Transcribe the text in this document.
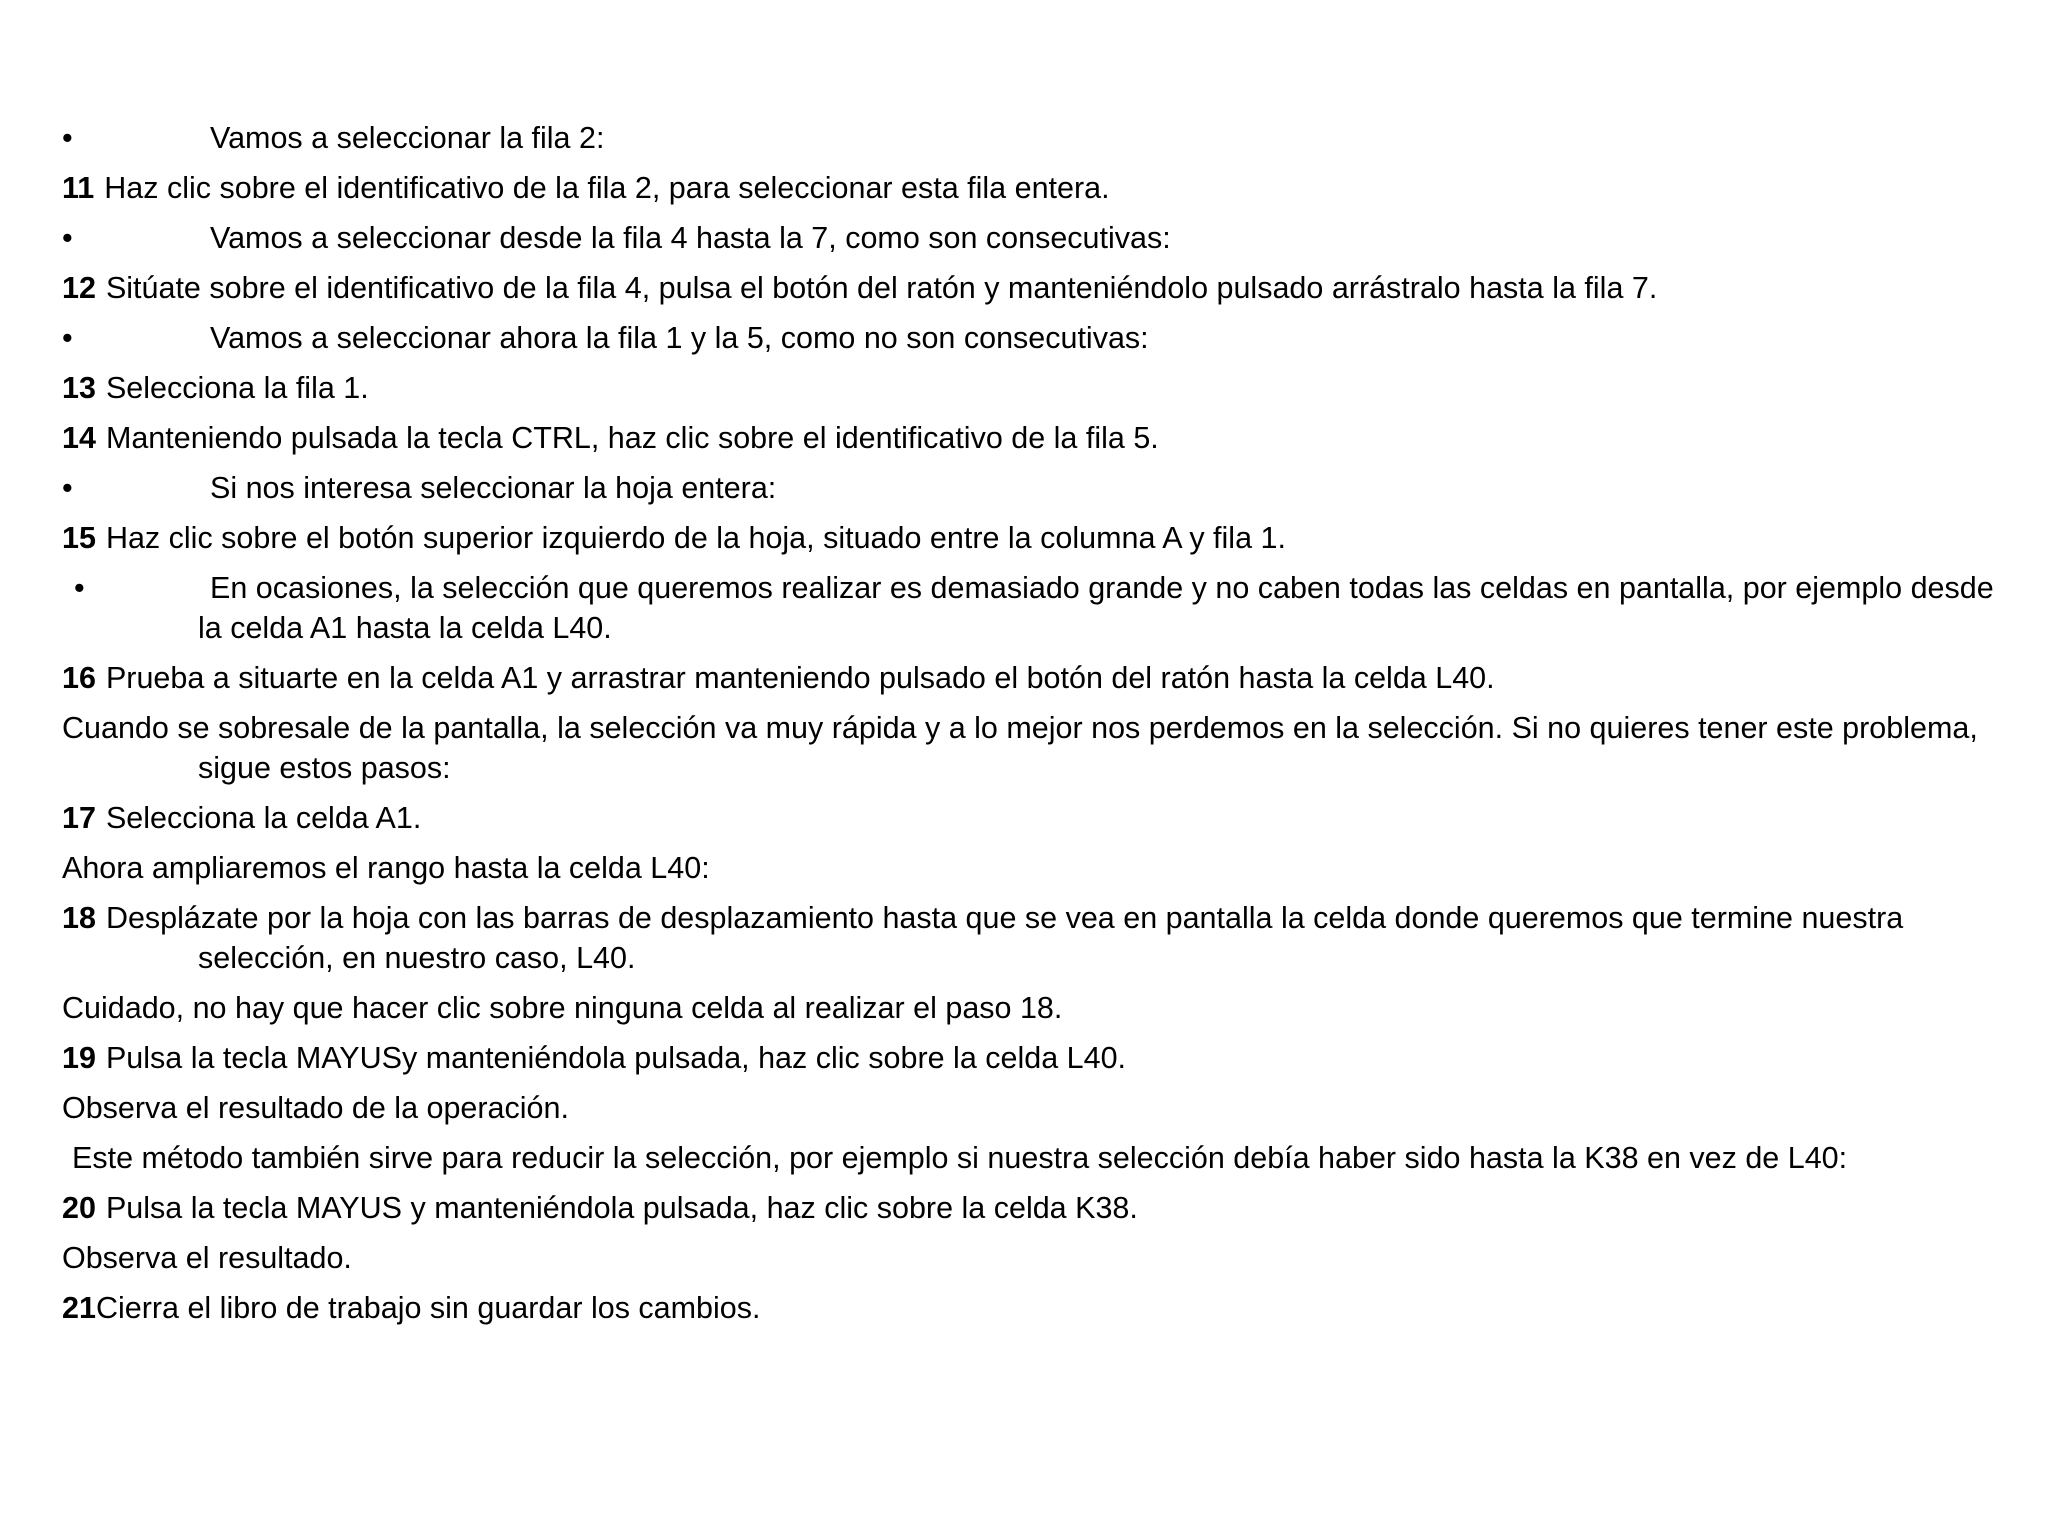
•	Vamos a seleccionar la fila 2:
11 Haz clic sobre el identificativo de la fila 2, para seleccionar esta fila entera.
•	Vamos a seleccionar desde la fila 4 hasta la 7, como son consecutivas:
12 Sitúate sobre el identificativo de la fila 4, pulsa el botón del ratón y manteniéndolo pulsado arrástralo hasta la fila 7.
•	Vamos a seleccionar ahora la fila 1 y la 5, como no son consecutivas:
13 Selecciona la fila 1.
14 Manteniendo pulsada la tecla CTRL, haz clic sobre el identificativo de la fila 5.
•	Si nos interesa seleccionar la hoja entera:
15 Haz clic sobre el botón superior izquierdo de la hoja, situado entre la columna A y fila 1.
•	En ocasiones, la selección que queremos realizar es demasiado grande y no caben todas las celdas en pantalla, por ejemplo desde la celda A1 hasta la celda L40.
16 Prueba a situarte en la celda A1 y arrastrar manteniendo pulsado el botón del ratón hasta la celda L40.
Cuando se sobresale de la pantalla, la selección va muy rápida y a lo mejor nos perdemos en la selección. Si no quieres tener este problema, sigue estos pasos:
17 Selecciona la celda A1.
Ahora ampliaremos el rango hasta la celda L40:
18 Desplázate por la hoja con las barras de desplazamiento hasta que se vea en pantalla la celda donde queremos que termine nuestra selección, en nuestro caso, L40.
Cuidado, no hay que hacer clic sobre ninguna celda al realizar el paso 18.
19 Pulsa la tecla MAYUSy manteniéndola pulsada, haz clic sobre la celda L40.
Observa el resultado de la operación.
Este método también sirve para reducir la selección, por ejemplo si nuestra selección debía haber sido hasta la K38 en vez de L40:
20 Pulsa la tecla MAYUS y manteniéndola pulsada, haz clic sobre la celda K38.
Observa el resultado.
21Cierra el libro de trabajo sin guardar los cambios.
